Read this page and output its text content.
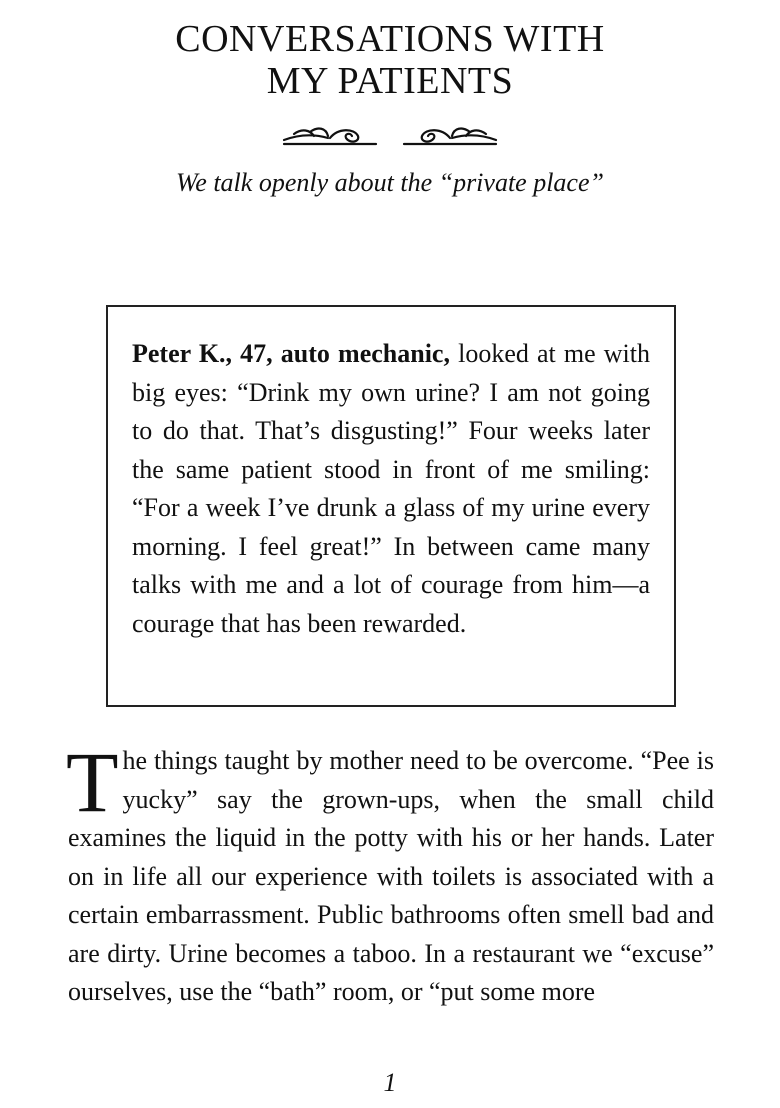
CONVERSATIONS WITH
MY PATIENTS

We talk openly about the “private place”

Peter K., 47, auto mechanic, looked at me with big eyes: “Drink my own urine? I am not going to do that. That’s disgusting!” Four weeks later the same patient stood in front of me smiling: “For a week I’ve drunk a glass of my urine every morning. I feel great!” In between came many talks with me and a lot of courage from him—a courage that has been rewarded.

The things taught by mother need to be overcome. “Pee is yucky” say the grown-ups, when the small child examines the liquid in the potty with his or her hands. Later on in life all our experience with toilets is associated with a certain embarrassment. Public bathrooms often smell bad and are dirty. Urine becomes a taboo. In a restaurant we “excuse” ourselves, use the “bath” room, or “put some more

1
